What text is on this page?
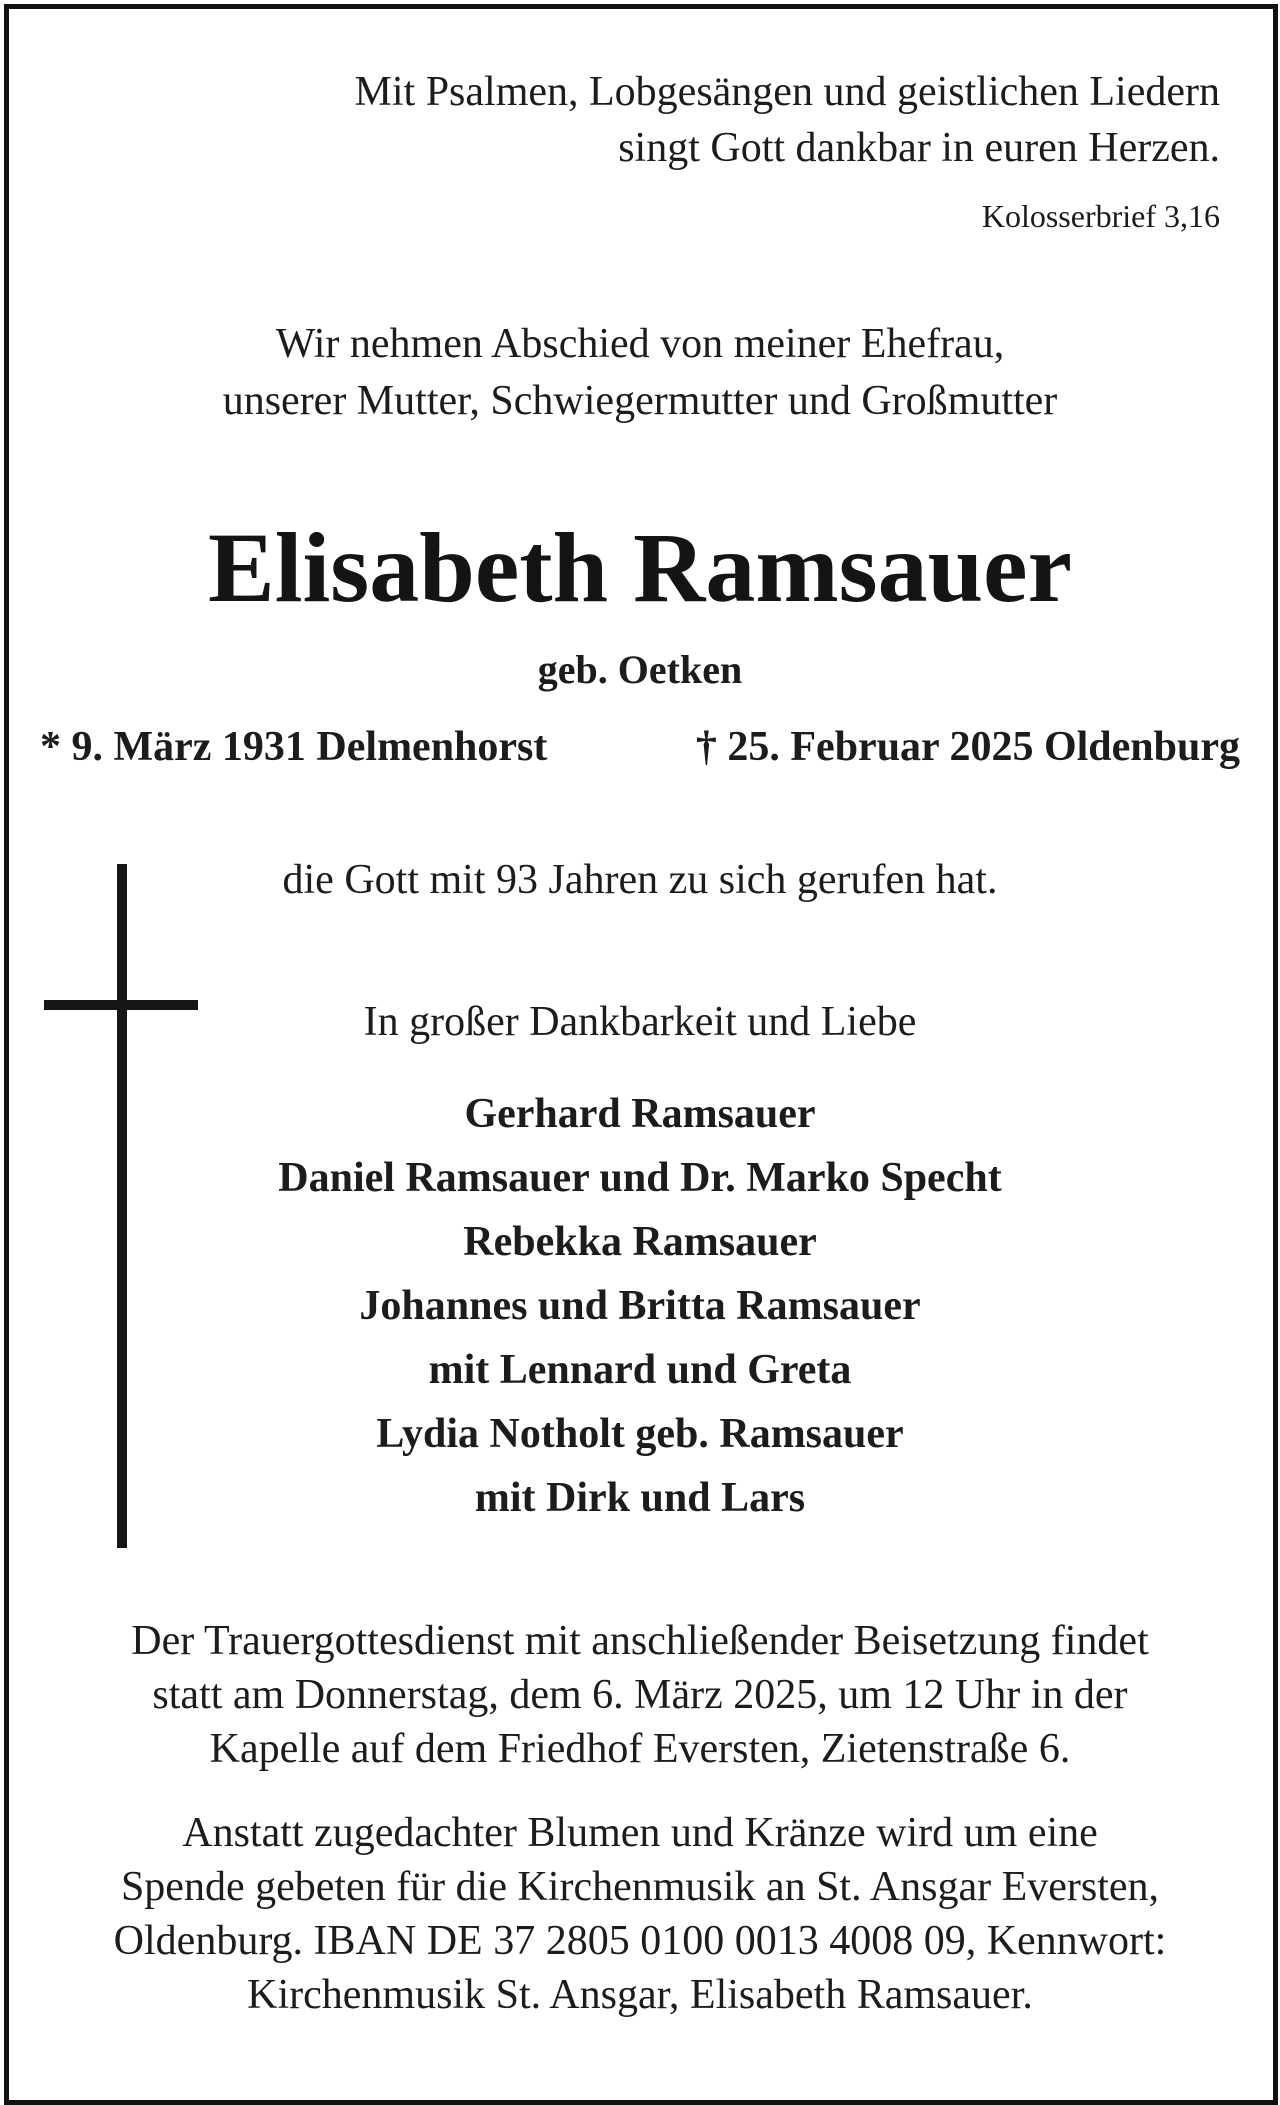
Mit Psalmen, Lobgesängen und geistlichen Liedern
singt Gott dankbar in euren Herzen.
Kolosserbrief 3,16
Wir nehmen Abschied von meiner Ehefrau,
unserer Mutter, Schwiegermutter und Großmutter
Elisabeth Ramsauer
geb. Oetken
* 9. März 1931 Delmenhorst	† 25. Februar 2025 Oldenburg
die Gott mit 93 Jahren zu sich gerufen hat.
In großer Dankbarkeit und Liebe
Gerhard Ramsauer
Daniel Ramsauer und Dr. Marko Specht
Rebekka Ramsauer
Johannes und Britta Ramsauer
mit Lennard und Greta
Lydia Notholt geb. Ramsauer
mit Dirk und Lars
Der Trauergottesdienst mit anschließender Beisetzung findet
statt am Donnerstag, dem 6. März 2025, um 12 Uhr in der
Kapelle auf dem Friedhof Eversten, Zietenstraße 6.
Anstatt zugedachter Blumen und Kränze wird um eine
Spende gebeten für die Kirchenmusik an St. Ansgar Eversten,
Oldenburg. IBAN DE 37 2805 0100 0013 4008 09, Kennwort:
Kirchenmusik St. Ansgar, Elisabeth Ramsauer.
